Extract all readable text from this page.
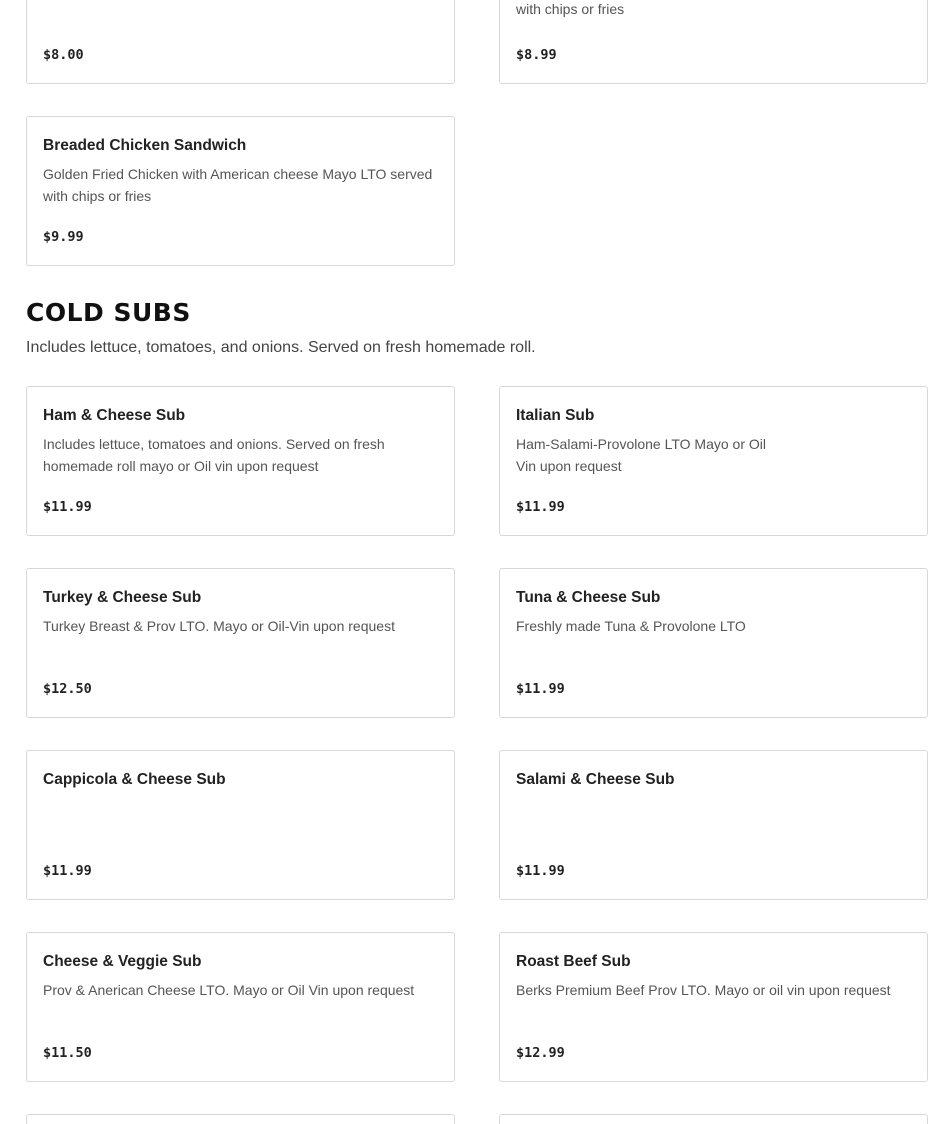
$8.00
with chips or fries
$8.99
Breaded Chicken Sandwich
Golden Fried Chicken with American cheese Mayo LTO served with chips or fries
$9.99
COLD SUBS

Includes lettuce, tomatoes, and onions. Served on fresh homemade roll.

Ham & Cheese Sub
Includes lettuce, tomatoes and onions. Served on fresh homemade roll mayo or Oil vin upon request
$11.99
Italian Sub
Ham-Salami-Provolone LTO Mayo or Oil Vin upon request
$11.99
Turkey & Cheese Sub
Turkey Breast & Prov LTO. Mayo or Oil-Vin upon request
$12.50
Tuna & Cheese Sub
Freshly made Tuna & Provolone LTO
$11.99
Cappicola & Cheese Sub
$11.99
Salami & Cheese Sub
$11.99
Cheese & Veggie Sub
Prov & Anerican Cheese LTO. Mayo or Oil Vin upon request
$11.50
Roast Beef Sub
Berks Premium Beef Prov LTO. Mayo or oil vin upon request
$12.99
